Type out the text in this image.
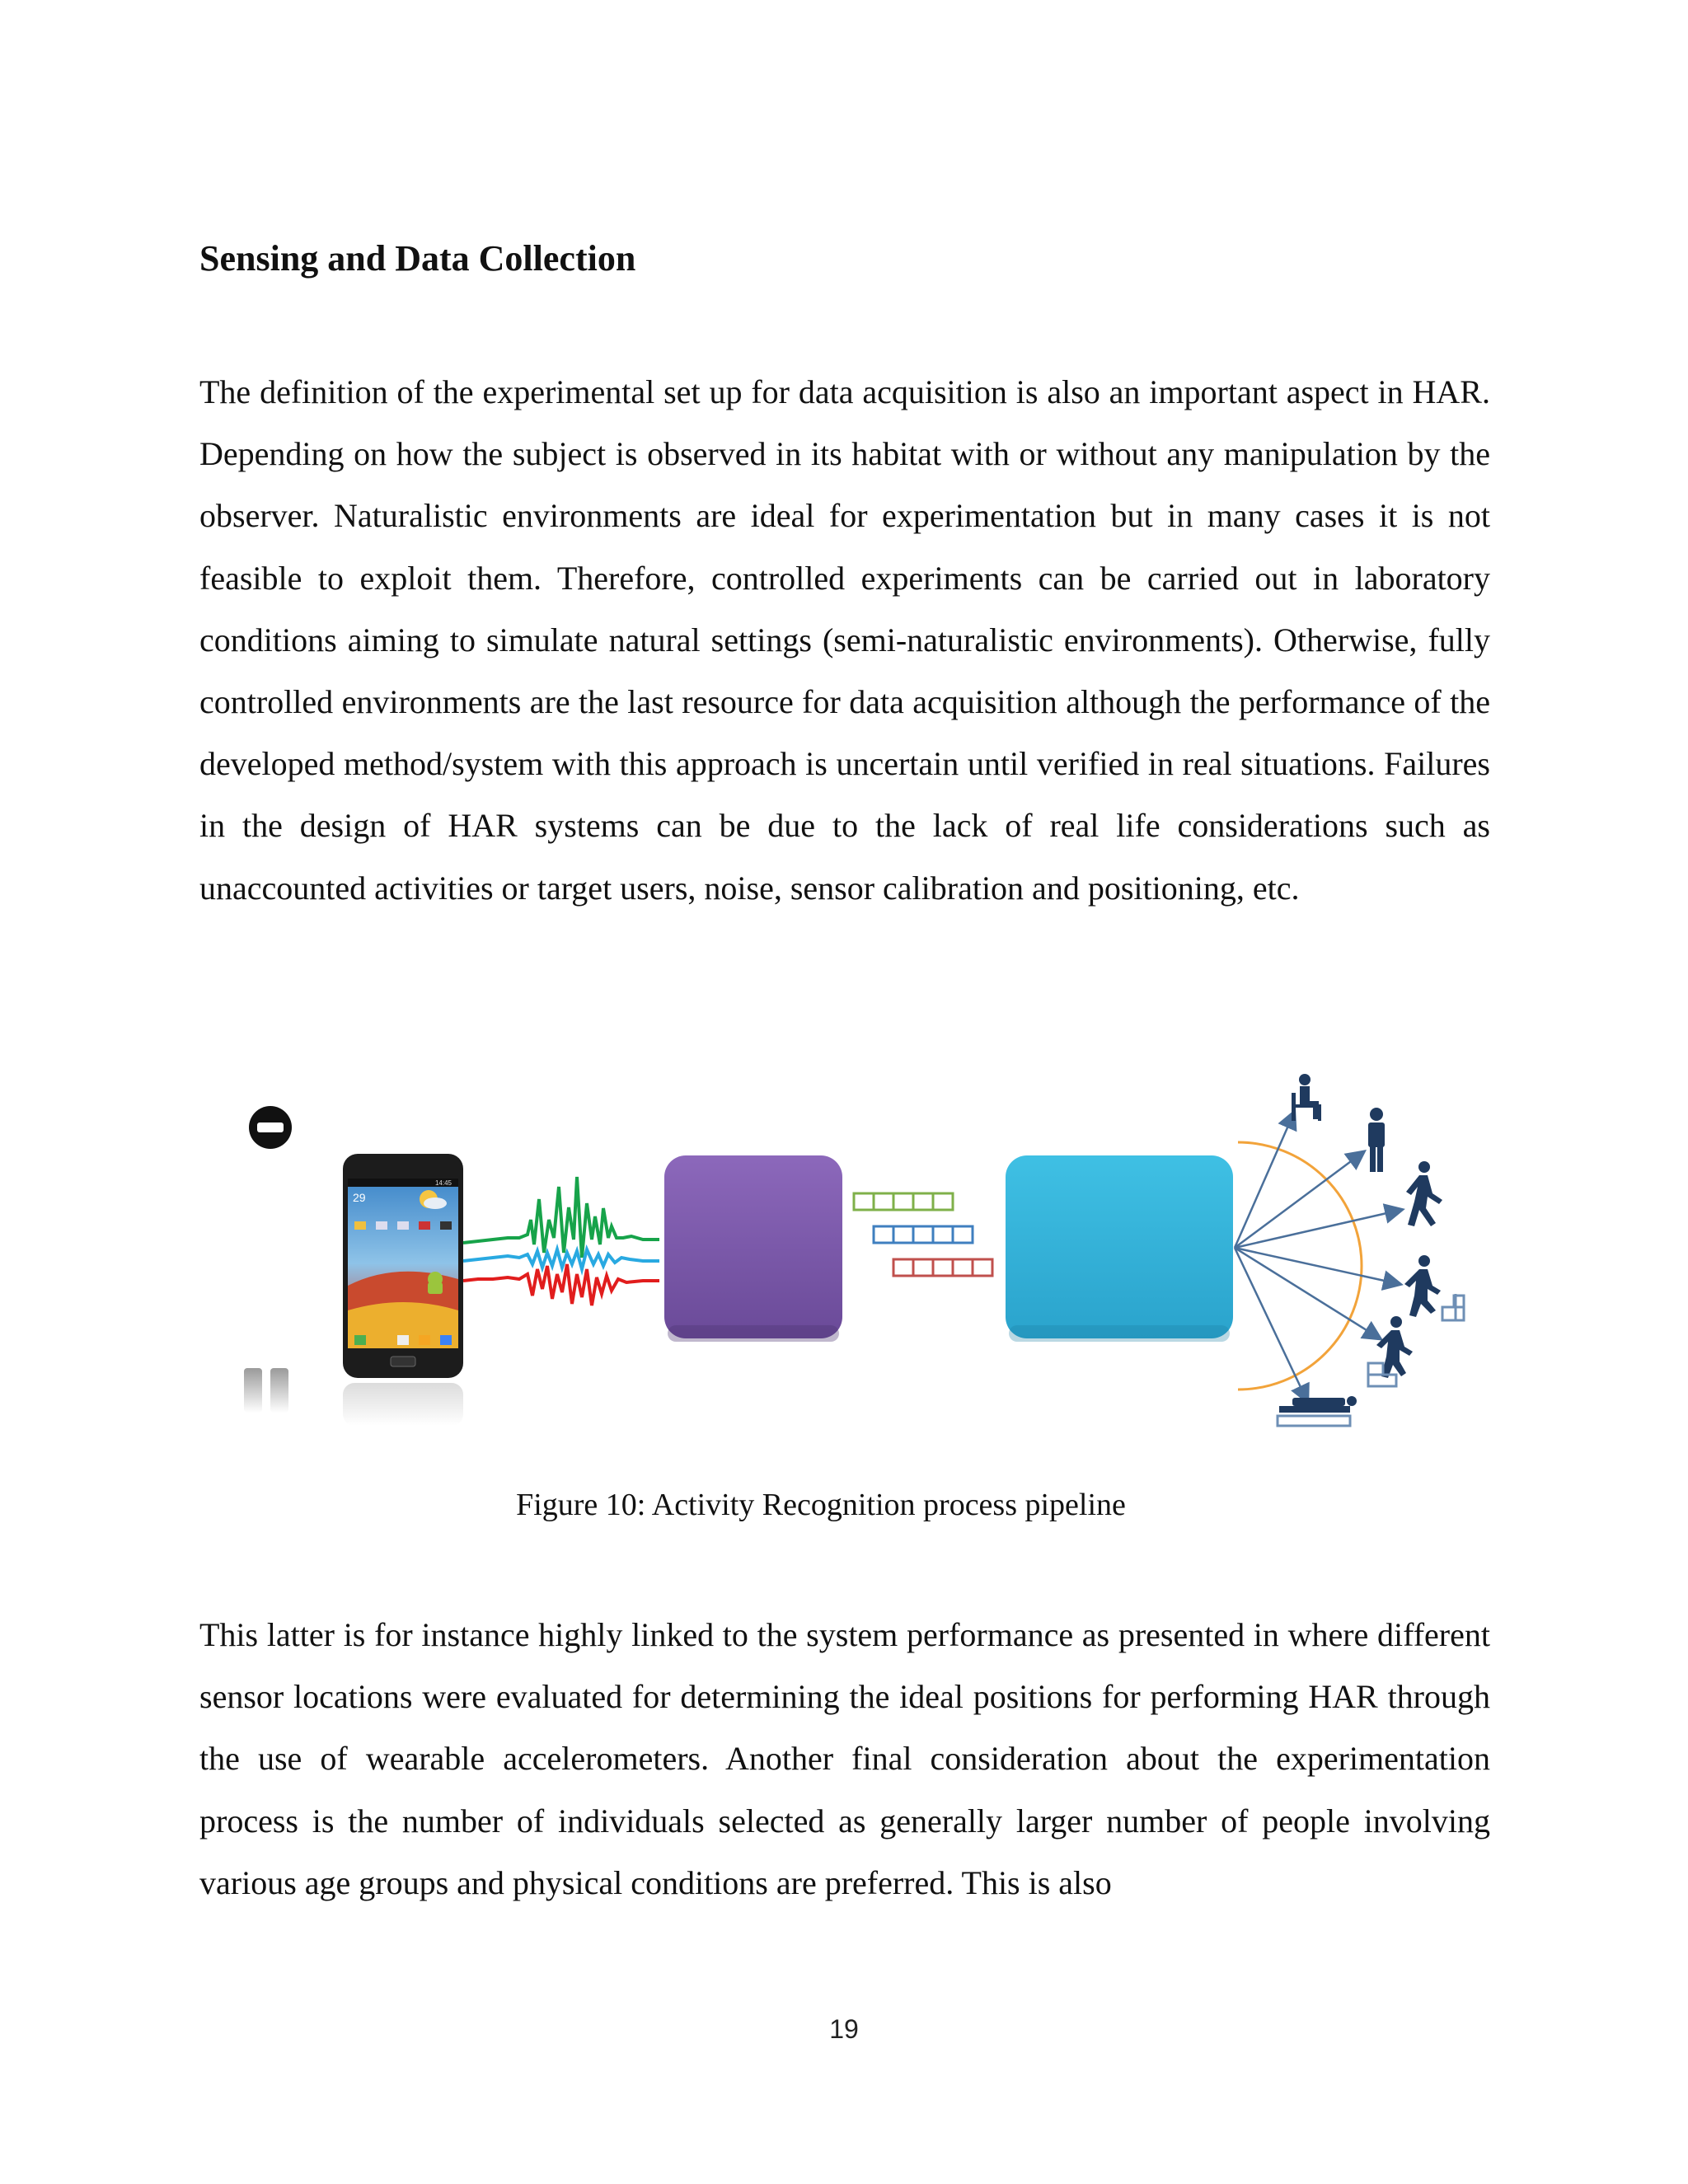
Sensing and Data Collection

The definition of the experimental set up for data acquisition is also an important aspect in HAR. Depending on how the subject is observed in its habitat with or without any manipulation by the observer. Naturalistic environments are ideal for experimentation but in many cases it is not feasible to exploit them. Therefore, controlled experiments can be carried out in laboratory conditions aiming to simulate natural settings (semi-naturalistic environments). Otherwise, fully controlled environments are the last resource for data acquisition although the performance of the developed method/system with this approach is uncertain until verified in real situations. Failures in the design of HAR systems can be due to the lack of real life considerations such as unaccounted activities or target users, noise, sensor calibration and positioning, etc.

14:45
29

Figure 10: Activity Recognition process pipeline

This latter is for instance highly linked to the system performance as presented in where different sensor locations were evaluated for determining the ideal positions for performing HAR through the use of wearable accelerometers. Another final consideration about the experimentation process is the number of individuals selected as generally larger number of people involving various age groups and physical conditions are preferred. This is also

19
